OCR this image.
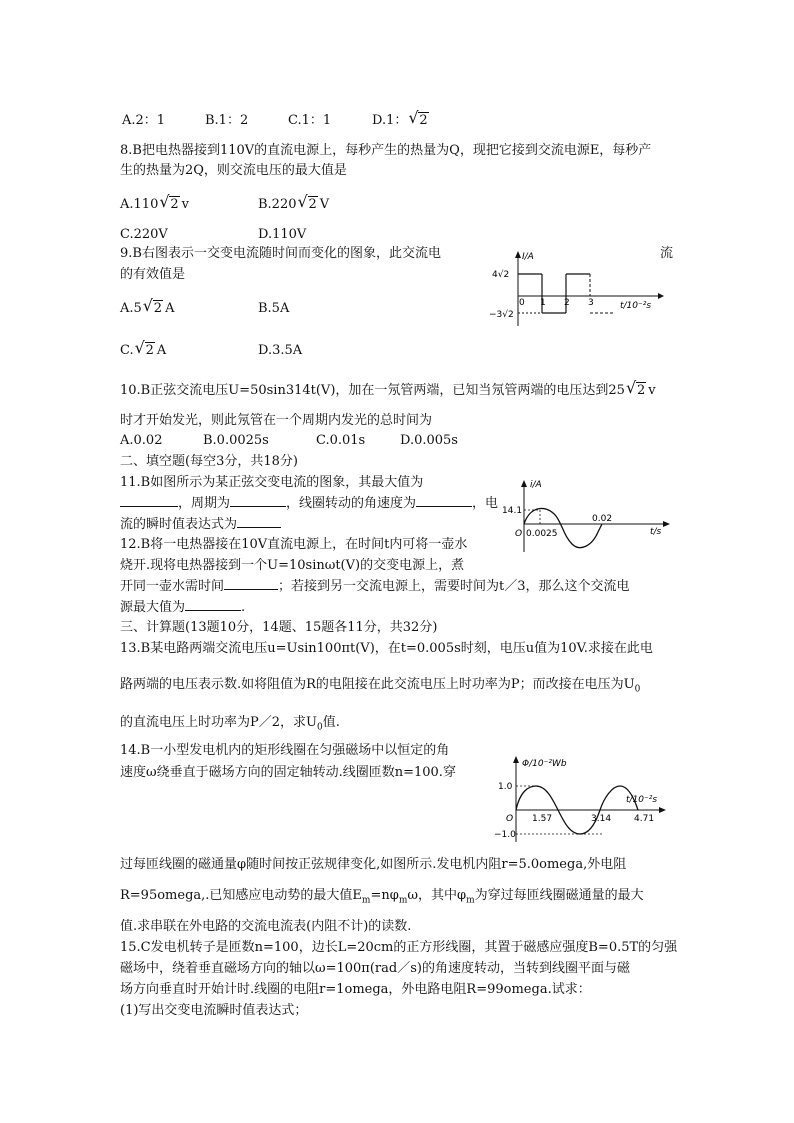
A.2：1	B.1：2	C.1：1	D.1： √ 2
8.B把电热器接到110V的直流电源上，每秒产生的热量为Q，现把它接到交流电源E，每秒产
生的热量为2Q，则交流电压的最大值是
A.110 √ 2 v	B.220 √ 2 V
C.220V	D.110V
9.B右图表示一交变电流随时间而变化的图象，此交流电	流
的有效值是
A.5 √ 2 A	B.5A
C. √ 2 A	D.3.5A
I/A
4√2
−3√2
0 1 2 3	t/10⁻²s
10.B正弦交流电压U=50sin314t(V)，加在一氖管两端，已知当氖管两端的电压达到25 √ 2 v
时才开始发光，则此氖管在一个周期内发光的总时间为
A.0.02	B.0.0025s	C.0.01s	D.0.005s
二、填空题(每空3分，共18分)
11.B如图所示为某正弦交变电流的图象，其最大值为
，周期为	，线圈转动的角速度为	，电
流的瞬时值表达式为
i/A
14.1
O 0.0025
0.02
t/s
12.B将一电热器接在10V直流电源上，在时间t内可将一壶水
烧开.现将电热器接到一个U=10sinωt(V)的交变电源上，煮
开同一壶水需时间	；若接到另一交流电源上，需要时间为t／3，那么这个交流电
源最大值为	.
三、计算题(13题10分，14题、15题各11分，共32分)
13.B某电路两端交流电压u=Usin100πt(V)，在t=0.005s时刻，电压u值为10V.求接在此电
路两端的电压表示数.如将阻值为R的电阻接在此交流电压上时功率为P；而改接在电压为$U_0$
的直流电压上时功率为P／2，求$U_0$值.
14.B一小型发电机内的矩形线圈在匀强磁场中以恒定的角
速度ω绕垂直于磁场方向的固定轴转动.线圈匝数n=100.穿
Φ/10⁻²Wb
1.0
−1.0
O 1.57	3.14	4.71
t/10⁻²s
过每匝线圈的磁通量φ随时间按正弦规律变化,如图所示.发电机内阻r=5.0omega,外电阻
R=95omega,.已知感应电动势的最大值$E_m=n\varphi_m\omega$，其中$\varphi_m$为穿过每匝线圈磁通量的最大
值.求串联在外电路的交流电流表(内阻不计)的读数.
15.C发电机转子是匝数n=100，边长L=20cm的正方形线圈，其置于磁感应强度B=0.5T的匀强
磁场中，绕着垂直磁场方向的轴以ω=100π(rad／s)的角速度转动，当转到线圈平面与磁
场方向垂直时开始计时.线圈的电阻r=1omega，外电路电阻R=99omega.试求：
(1)写出交变电流瞬时值表达式；
